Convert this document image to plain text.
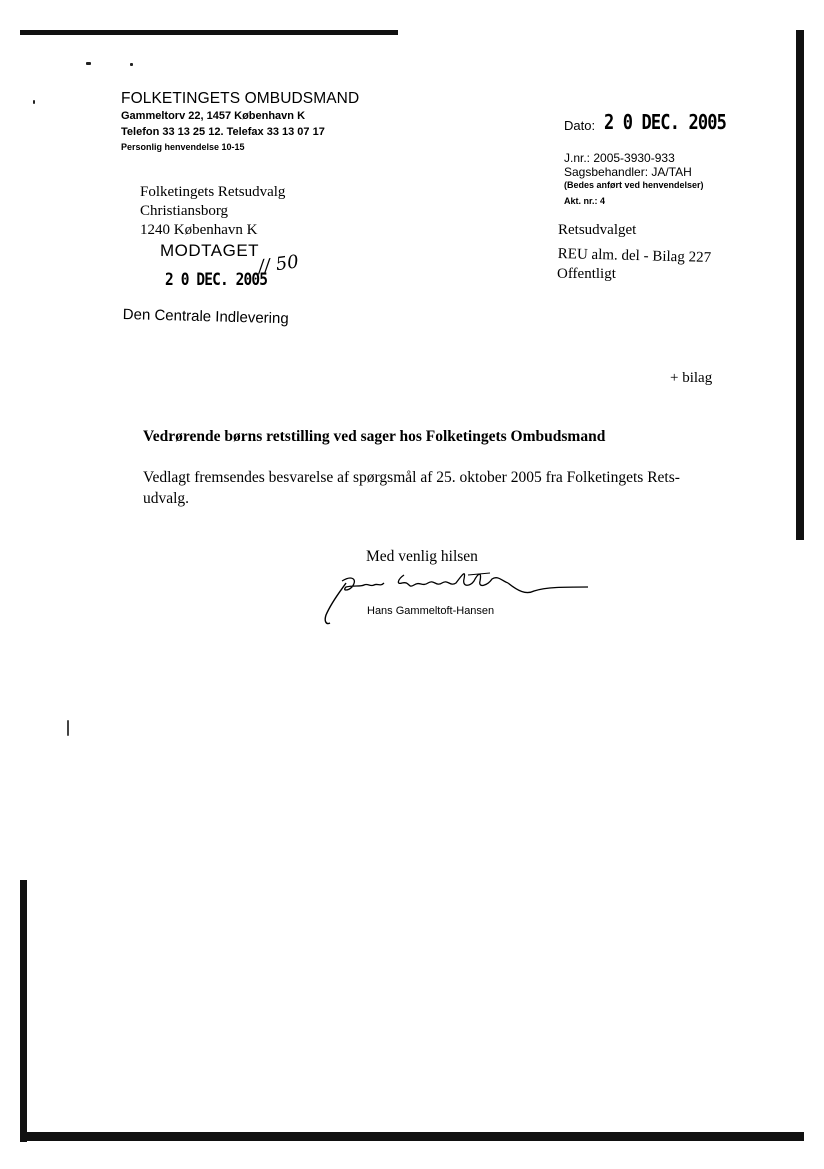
FOLKETINGETS OMBUDSMAND
Gammeltorv 22, 1457 København K
Telefon 33 13 25 12. Telefax 33 13 07 17
Personlig henvendelse 10-15
Dato: 2 0 DEC. 2005
J.nr.: 2005-3930-933
Sagsbehandler: JA/TAH
(Bedes anført ved henvendelser)
Akt. nr.: 4
Folketingets Retsudvalg
Christiansborg
1240 København K
MODTAGET
2 0 DEC. 2005
// 50
Den Centrale Indlevering
Retsudvalget
REU alm. del - Bilag 227
Offentligt
+ bilag
Vedrørende børns retstilling ved sager hos Folketingets Ombudsmand
Vedlagt fremsendes besvarelse af spørgsmål af 25. oktober 2005 fra Folketingets Rets-
udvalg.
Med venlig hilsen
Hans Gammeltoft-Hansen
